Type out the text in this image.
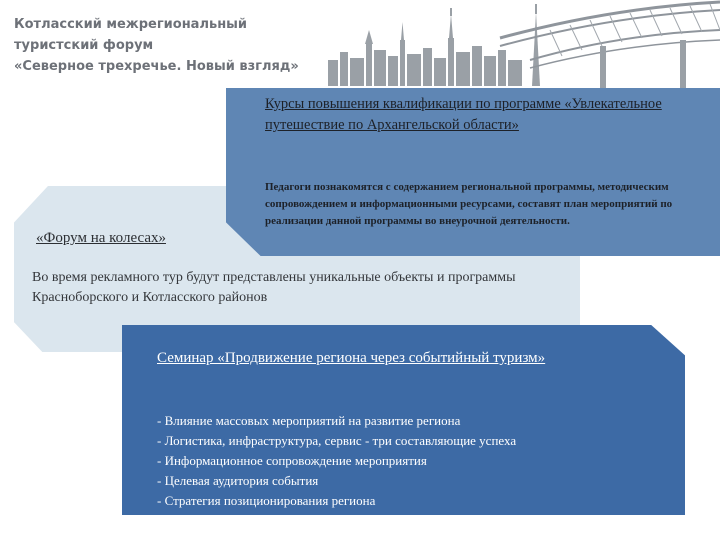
Котласский межрегиональный туристский форум
«Северное трехречье. Новый взгляд»
«Форум на колесах»
Во время рекламного тур будут представлены уникальные объекты и программы Красноборского и Котласского районов
Курсы повышения квалификации по программе «Увлекательное путешествие по Архангельской области»
Педагоги познакомятся с содержанием региональной программы, методическим сопровождением и информационными ресурсами, составят план мероприятий по реализации данной программы во внеурочной деятельности.
Семинар «Продвижение региона через событийный туризм»
- Влияние массовых мероприятий на развитие региона
- Логистика, инфраструктура, сервис - три составляющие успеха
- Информационное сопровождение мероприятия
- Целевая аудитория события
- Стратегия позиционирования региона
